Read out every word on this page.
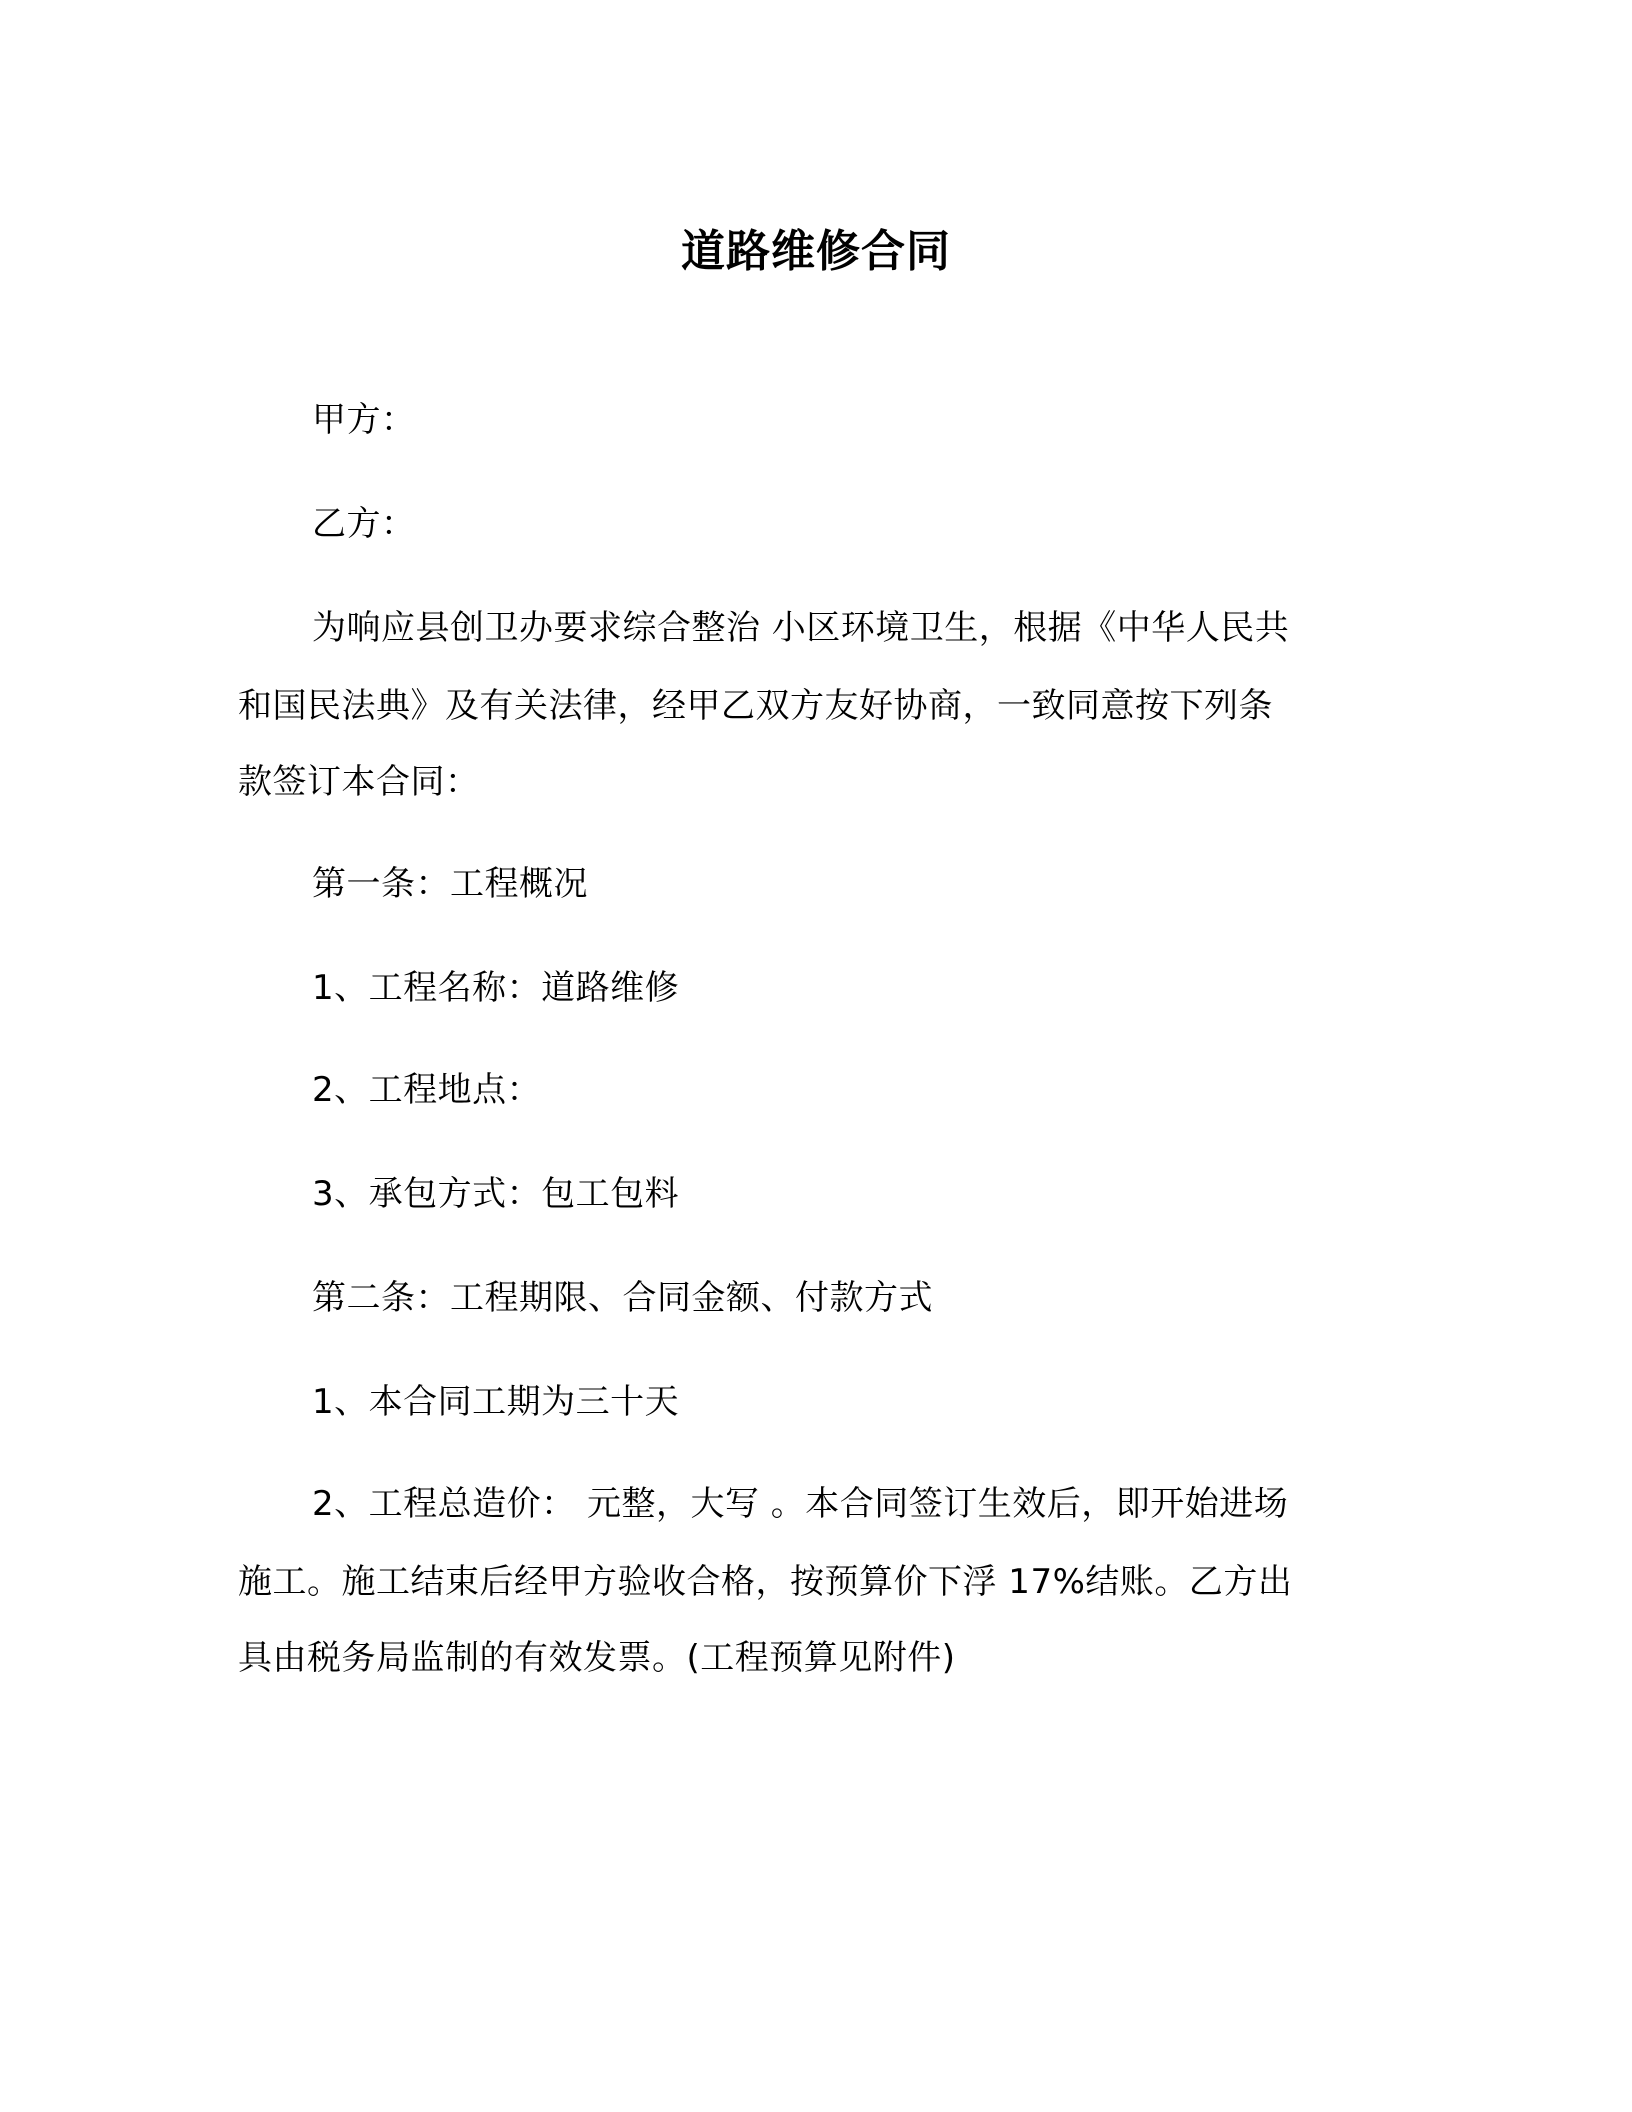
道路维修合同
甲方：
乙方：
为响应县创卫办要求综合整治 小区环境卫生，根据《中华人民共
和国民法典》及有关法律，经甲乙双方友好协商，一致同意按下列条
款签订本合同：
第一条：工程概况
1、工程名称：道路维修
2、工程地点：
3、承包方式：包工包料
第二条：工程期限、合同金额、付款方式
1、本合同工期为三十天
2、工程总造价： 元整，大写 。本合同签订生效后，即开始进场
施工。施工结束后经甲方验收合格，按预算价下浮 17%结账。乙方出
具由税务局监制的有效发票。(工程预算见附件)
